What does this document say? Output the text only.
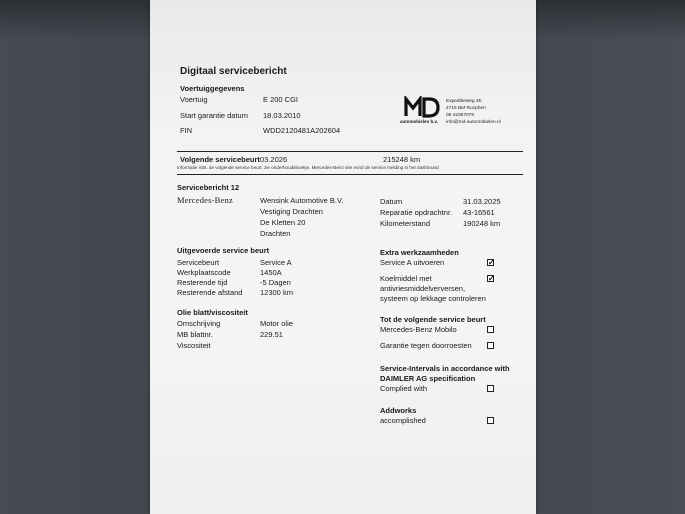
Digitaal servicebericht
Voertuiggegevens
Voertuig	E 200 CGI
Start garantie datum 18.03.2010
FIN	WDD2120481A202604
automobielen b.v.
Expeditieweg 4E
4715 BM Rucphen
06 42367076
info@md-automobielen.nl
Volgende servicebeurt 03.2026	215248 km
Informatie mbt. de volgende service beurt: zie onderhoudsboekje. Mercedes-Benz site en/of de service melding in het dashboard
Servicebericht 12
Mercedes-Benz	Wensink Automotive B.V.
Vestiging Drachten
De Kletten 20
Drachten
Datum	31.03.2025
Reparatie opdrachtnr. 43-16561
Kilometerstand	190248 km
Uitgevoerde service beurt
Servicebeurt	Service A
Werkplaatscode	1450A
Resterende tijd	-5 Dagen
Resterende afstand 12300 km
Olie blatt/viscositeit
Omschrijving	Motor olie
MB blattnr.	229.51
Viscositeit
Extra werkzaamheden
Service A uitvoeren	✓
Koelmiddel met
antivriesmiddelverversen,
systeem op lekkage controleren
✓
Tot de volgende service beurt
Mercedes-Benz Mobilo
Garantie tegen doorroesten
Service-Intervals in accordance with
DAIMLER AG specification
Complied with
Addworks
accomplished
